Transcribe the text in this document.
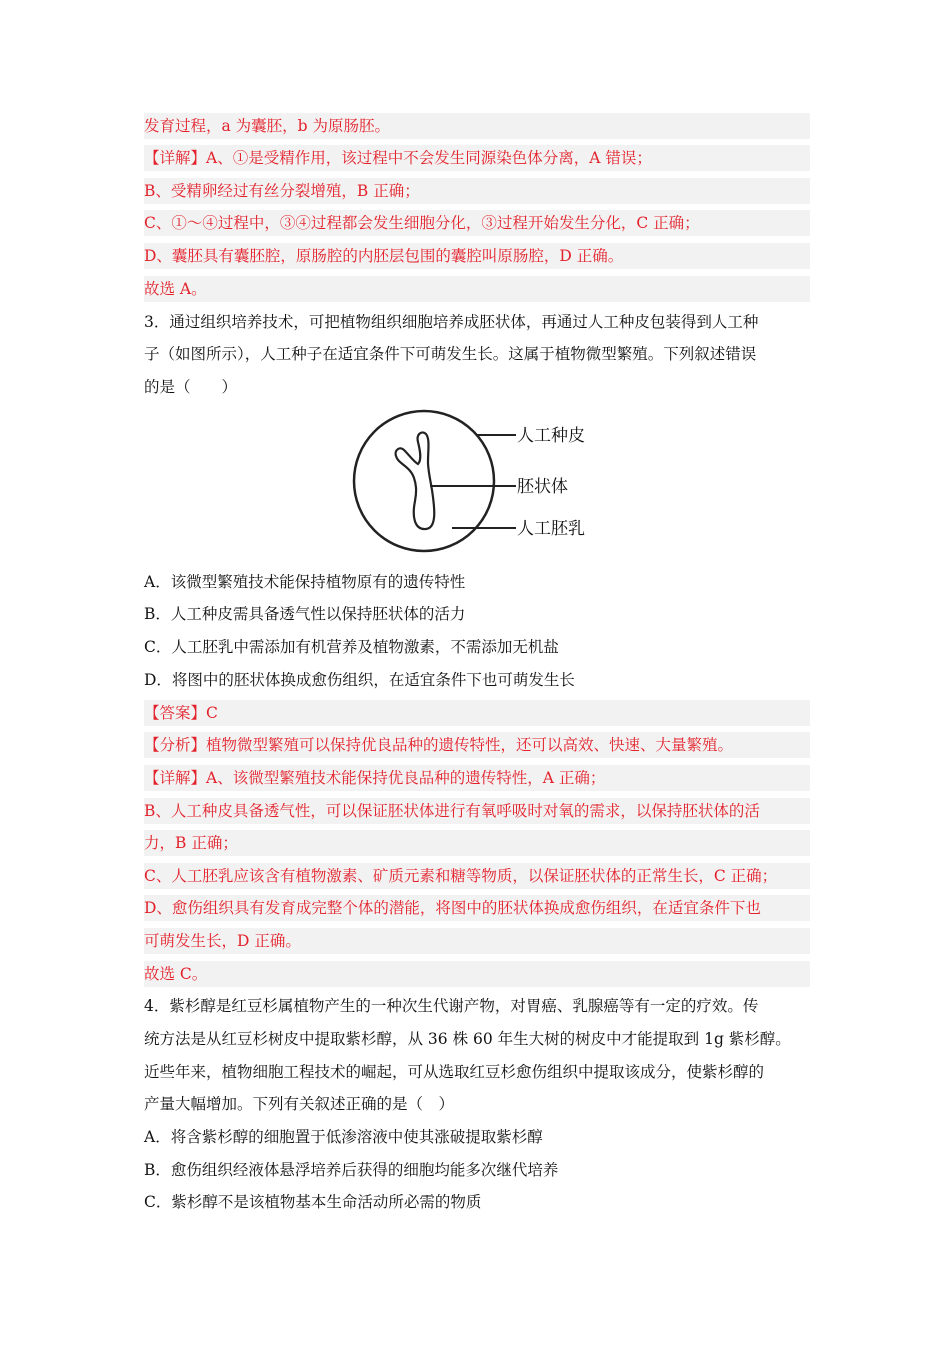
发育过程，a 为囊胚，b 为原肠胚。
【详解】A、①是受精作用，该过程中不会发生同源染色体分离，A 错误；
B、受精卵经过有丝分裂增殖，B 正确；
C、①～④过程中，③④过程都会发生细胞分化，③过程开始发生分化，C 正确；
D、囊胚具有囊胚腔，原肠腔的内胚层包围的囊腔叫原肠腔，D 正确。
故选 A。
3．通过组织培养技术，可把植物组织细胞培养成胚状体，再通过人工种皮包装得到人工种
子（如图所示），人工种子在适宜条件下可萌发生长。这属于植物微型繁殖。下列叙述错误
的是（　　）
人工种皮
胚状体
人工胚乳
A．该微型繁殖技术能保持植物原有的遗传特性
B．人工种皮需具备透气性以保持胚状体的活力
C．人工胚乳中需添加有机营养及植物激素，不需添加无机盐
D．将图中的胚状体换成愈伤组织，在适宜条件下也可萌发生长
【答案】C
【分析】植物微型繁殖可以保持优良品种的遗传特性，还可以高效、快速、大量繁殖。
【详解】A、该微型繁殖技术能保持优良品种的遗传特性，A 正确；
B、人工种皮具备透气性，可以保证胚状体进行有氧呼吸时对氧的需求，以保持胚状体的活
力，B 正确；
C、人工胚乳应该含有植物激素、矿质元素和糖等物质，以保证胚状体的正常生长，C 正确；
D、愈伤组织具有发育成完整个体的潜能，将图中的胚状体换成愈伤组织，在适宜条件下也
可萌发生长，D 正确。
故选 C。
4．紫杉醇是红豆杉属植物产生的一种次生代谢产物，对胃癌、乳腺癌等有一定的疗效。传
统方法是从红豆杉树皮中提取紫杉醇，从 36 株 60 年生大树的树皮中才能提取到 1g 紫杉醇。
近些年来，植物细胞工程技术的崛起，可从选取红豆杉愈伤组织中提取该成分，使紫杉醇的
产量大幅增加。下列有关叙述正确的是（　）
A．将含紫杉醇的细胞置于低渗溶液中使其涨破提取紫杉醇
B．愈伤组织经液体悬浮培养后获得的细胞均能多次继代培养
C．紫杉醇不是该植物基本生命活动所必需的物质
